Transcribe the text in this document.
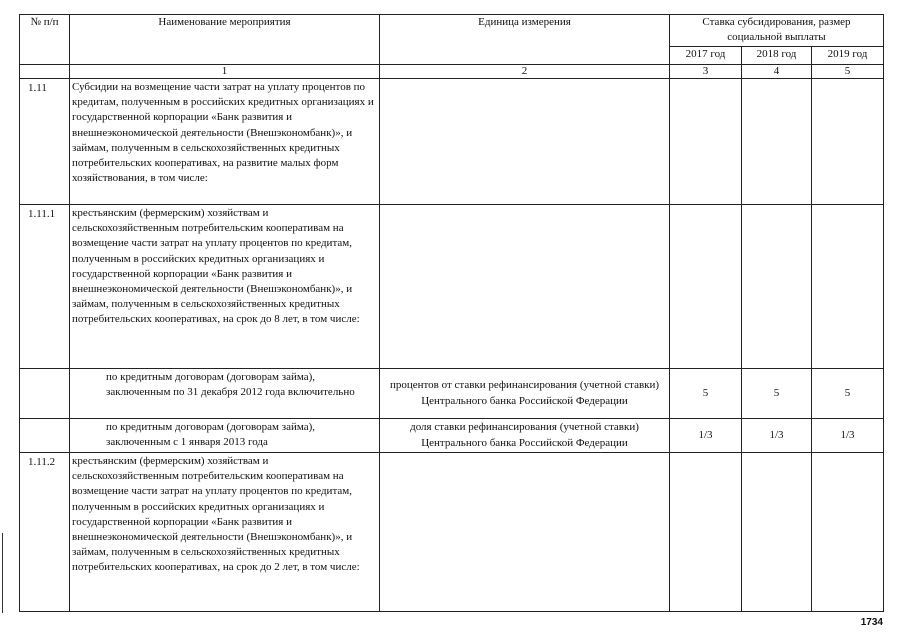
№ п/п	Наименование мероприятия	Единица измерения	Ставка субсидирования, размер социальной выплаты		
			2017 год	2018 год	2019 год
	1	2	3	4	5
1.11	Субсидии на возмещение части затрат на уплату процентов по кредитам, полученным в российских кредитных организациях и государственной корпорации «Банк развития и внешнеэкономической деятельности (Внешэкономбанк)», и займам, полученным в сельскохозяйственных кредитных потребительских кооперативах, на развитие малых форм хозяйствования, в том числе:				
1.11.1	крестьянским (фермерским) хозяйствам и сельскохозяйственным потребительским кооперативам на возмещение части затрат на уплату процентов по кредитам, полученным в российских кредитных организациях и государственной корпорации «Банк развития и внешнеэкономической деятельности (Внешэкономбанк)», и займам, полученным в сельскохозяйственных кредитных потребительских кооперативах, на срок до 8 лет, в том числе:				
	по кредитным договорам (договорам займа), заключенным по 31 декабря 2012 года включительно	процентов от ставки рефинансирования (учетной ставки) Центрального банка Российской Федерации	5	5	5
	по кредитным договорам (договорам займа), заключенным с 1 января 2013 года	доля ставки рефинансирования (учетной ставки) Центрального банка Российской Федерации	1/3	1/3	1/3
1.11.2	крестьянским (фермерским) хозяйствам и сельскохозяйственным потребительским кооперативам на возмещение части затрат на уплату процентов по кредитам, полученным в российских кредитных организациях и государственной корпорации «Банк развития и внешнеэкономической деятельности (Внешэкономбанк)», и займам, полученным в сельскохозяйственных кредитных потребительских кооперативах, на срок до 2 лет, в том числе:				
1734
